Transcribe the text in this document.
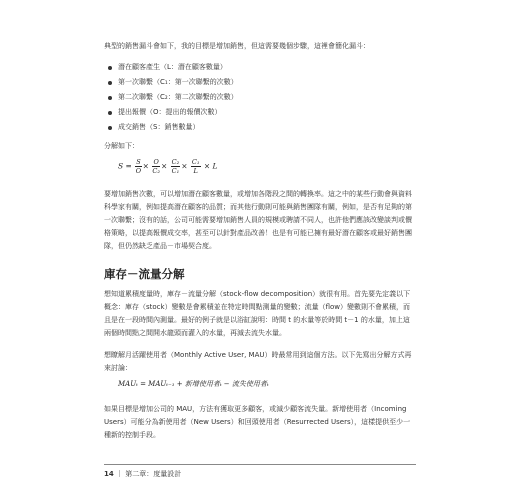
典型的銷售漏斗會如下，我的目標是增加銷售，但這需要幾個步驟，這裡會簡化漏斗：

潛在顧客產生（L：潛在顧客數量）
第一次聯繫（C₁：第一次聯繫的次數）
第二次聯繫（C₂：第二次聯繫的次數）
提出報價（O：提出的報價次數）
成交銷售（S：銷售數量）

分解如下：

$S = \frac{S}{O} \times \frac{O}{\text{C₂}} \times \frac{\text{C₂}}{\text{C₁}} \times \frac{\text{C₁}}{L} \times L$

要增加銷售次數，可以增加潛在顧客數量，或增加各階段之間的轉換率。這之中的某些行動會與資料科學家有關，例如提高潛在顧客的品質；而其他行動則可能與銷售團隊有關，例如，是否有足夠的第一次聯繫；沒有的話，公司可能需要增加銷售人員的規模或聘請不同人，也許他們應該改變談判或價格策略，以提高報價成交率，甚至可以針對產品改善！也是有可能已擁有最好潛在顧客或最好銷售團隊，但仍然缺乏產品－市場契合度。

庫存－流量分解

想知道累積度量時，庫存－流量分解（stock-flow decomposition）就很有用。首先要先定義以下概念：庫存（stock）變數是會累積並在特定時間點測量的變數；流量（flow）變數則不會累積，而且是在一段時間內測量。最好的例子就是以浴缸說明：時間 t 的水量等於時間 t－1 的水量，加上這兩個時間點之間開水龍頭而灌入的水量，再減去流失水量。

想瞭解月活躍使用者（Monthly Active User, MAU）時最常用到這個方法。以下先寫出分解方式再來討論：

MAUₜ = MAUₜ₋₁ + 新增使用者ₜ − 流失使用者ₜ

如果目標是增加公司的 MAU，方法有獲取更多顧客，或減少顧客流失量。新增使用者（Incoming Users）可能分為新使用者（New Users）和回頭使用者（Resurrected Users），這樣提供至少一種新的控制手段。

14 ｜ 第二章：度量設計
